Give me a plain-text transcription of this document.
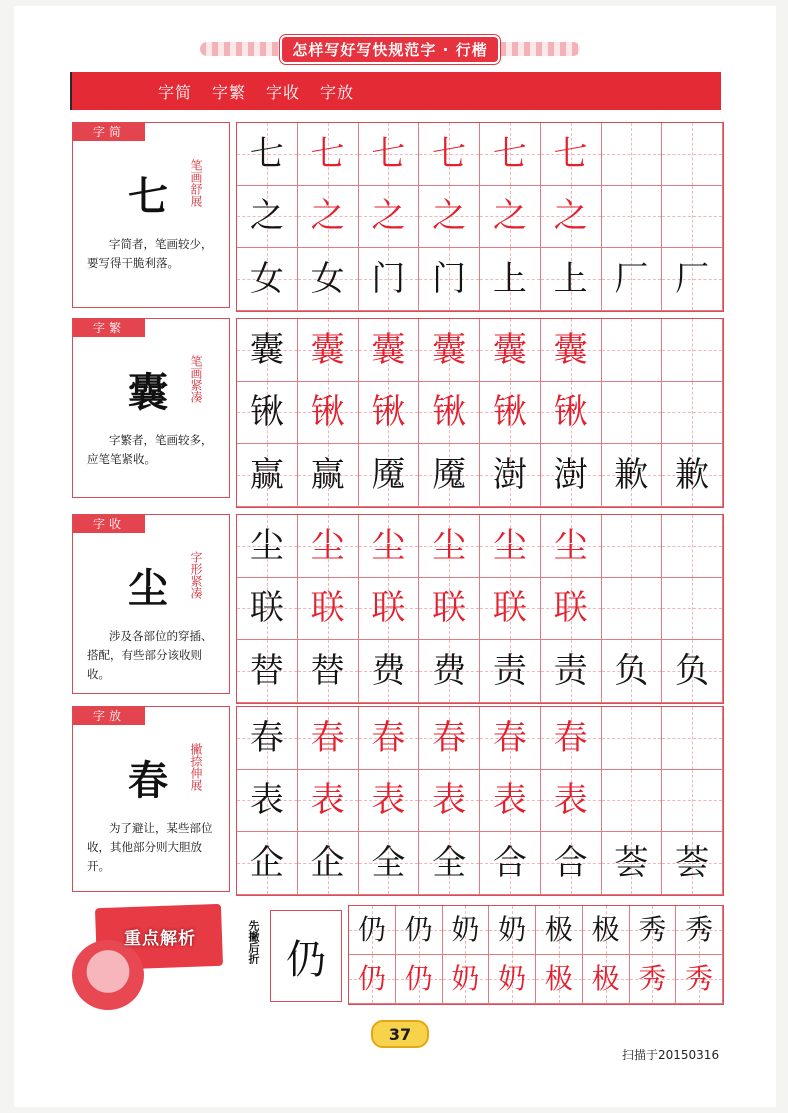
怎样写好写快规范字 · 行楷
字简 字繁 字收 字放
字简
七	笔画舒展
字简者，笔画较少，要写得干脆利落。
七 七 七 七 七 七
之 之 之 之 之 之
女 女 门 门 上 上 厂 厂
字繁
囊	笔画紧凑
字繁者，笔画较多，应笔笔紧收。
囊 囊 囊 囊 囊 囊
锹 锹 锹 锹 锹 锹
赢 赢 魇 魇 澍 澍 歉 歉
字收
尘	字形紧凑
涉及各部位的穿插、搭配，有些部分该收则收。
尘 尘 尘 尘 尘 尘
联 联 联 联 联 联
替 替 费 费 责 责 负 负
字放
春	撇捺伸展
为了避让，某些部位收，其他部分则大胆放开。
春 春 春 春 春 春
表 表 表 表 表 表
企 企 全 全 合 合 荟 荟
重点解析	先撇后折 仍
仍 仍 奶 奶 极 极 秀 秀
仍 仍 奶 奶 极 极 秀 秀
37
扫描于20150316
